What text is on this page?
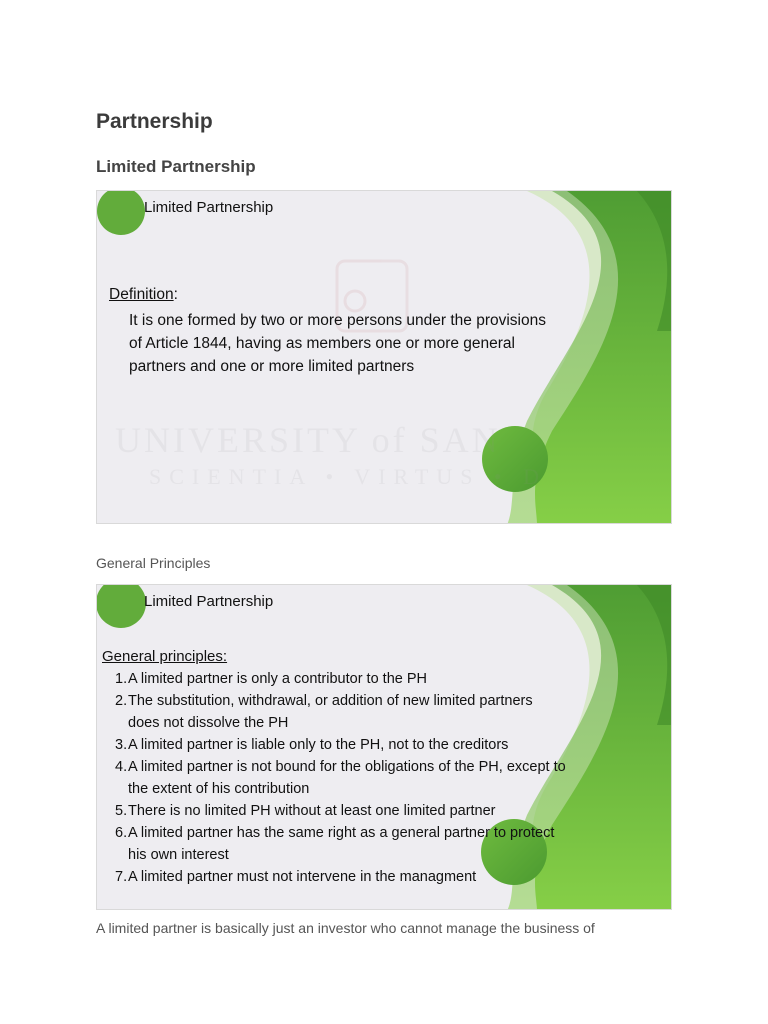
Partnership
Limited Partnership
UNIVERSITY of SAN
SCIENTIA • VIRTUS • D
Limited Partnership
Definition:
It is one formed by two or more persons under the provisions of Article 1844, having as members one or more general partners and one or more limited partners
General Principles
Limited Partnership
General principles:
1. A limited partner is only a contributor to the PH
2. The substitution, withdrawal, or addition of new limited partners does not dissolve the PH
3. A limited partner is liable only to the PH, not to the creditors
4. A limited partner is not bound for the obligations of the PH, except to the extent of his contribution
5. There is no limited PH without at least one limited partner
6. A limited partner has the same right as a general partner to protect his own interest
7. A limited partner must not intervene in the managment
A limited partner is basically just an investor who cannot manage the business of
